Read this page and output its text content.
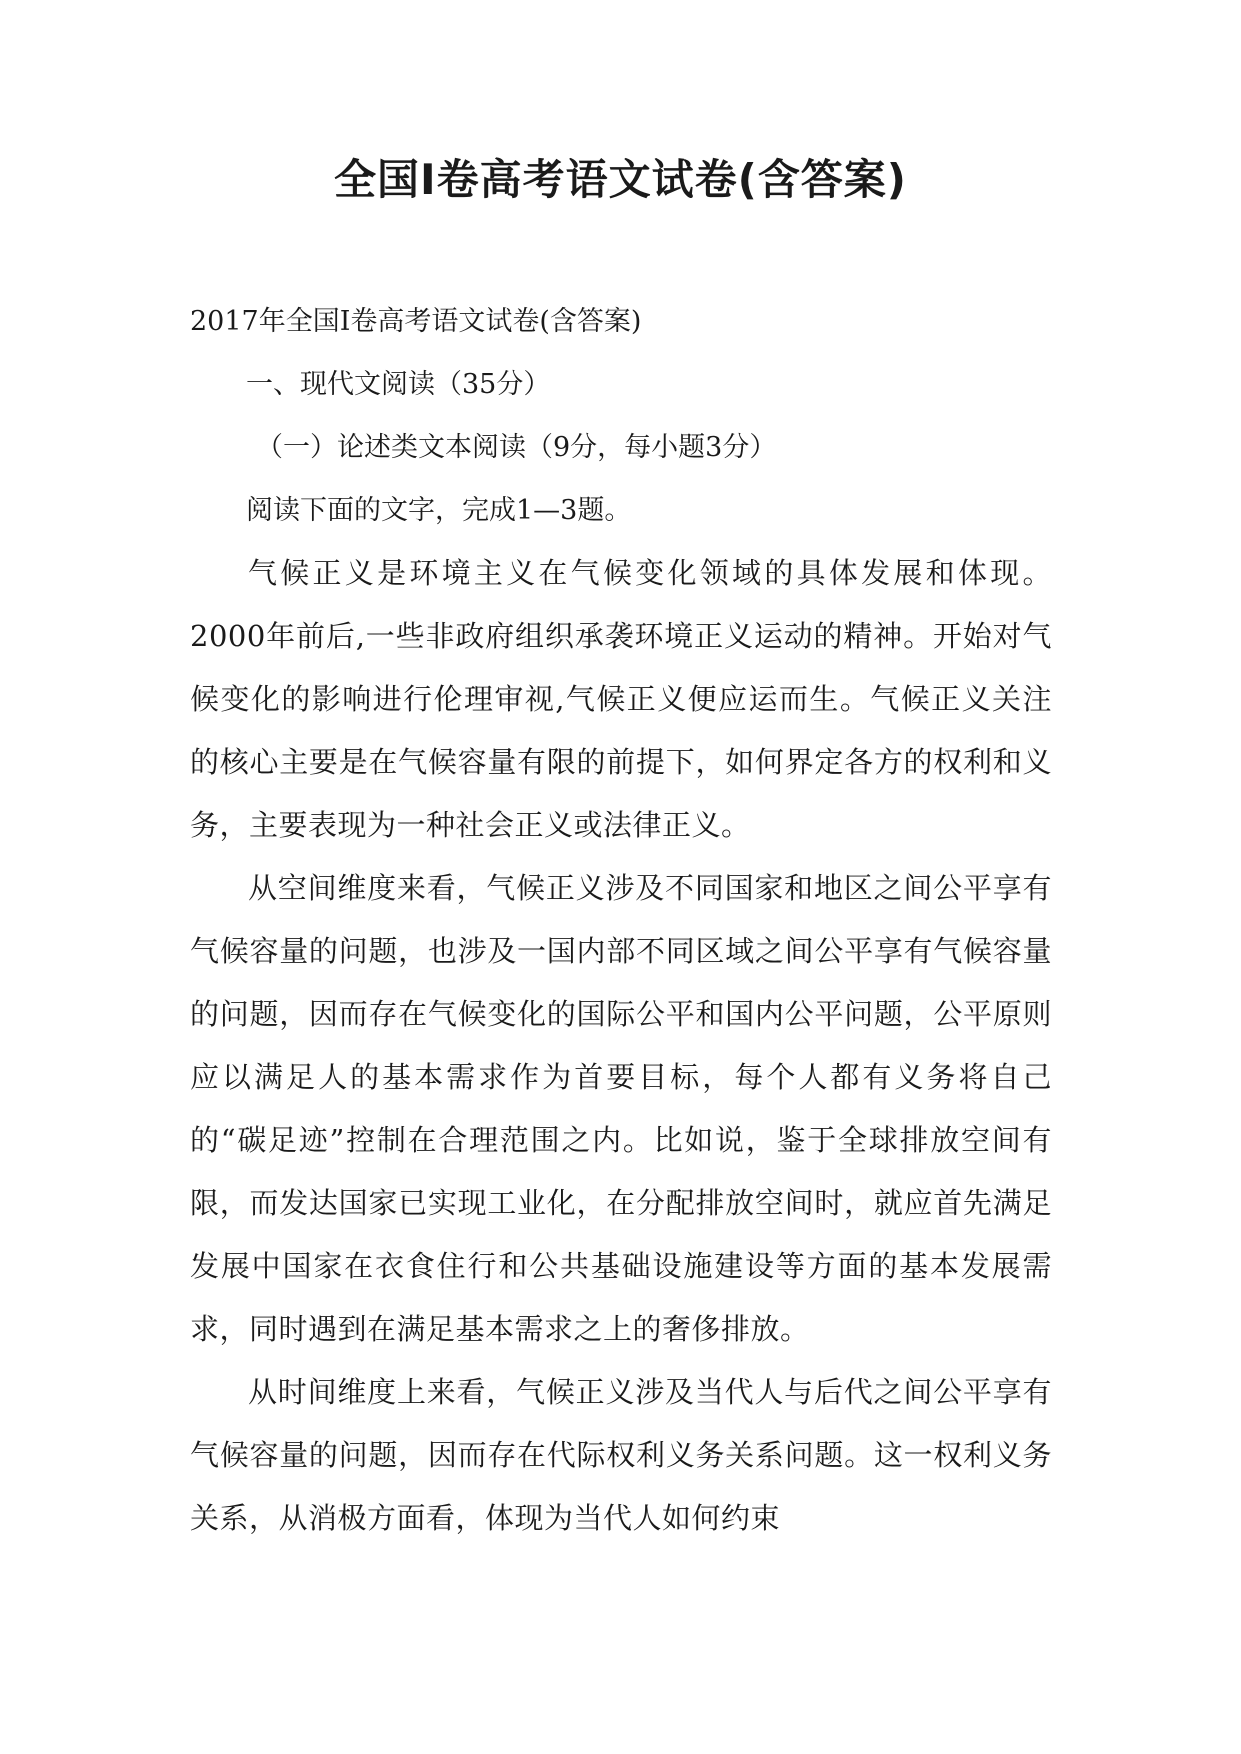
全国Ⅰ卷高考语文试卷(含答案)
2017年全国Ⅰ卷高考语文试卷(含答案)
一、现代文阅读（35分）
（一）论述类文本阅读（9分，每小题3分）
阅读下面的文字，完成1—3题。

气候正义是环境主义在气候变化领域的具体发展和体现。2000年前后,一些非政府组织承袭环境正义运动的精神。开始对气候变化的影响进行伦理审视,气候正义便应运而生。气候正义关注的核心主要是在气候容量有限的前提下，如何界定各方的权利和义务，主要表现为一种社会正义或法律正义。

从空间维度来看，气候正义涉及不同国家和地区之间公平享有气候容量的问题，也涉及一国内部不同区域之间公平享有气候容量的问题，因而存在气候变化的国际公平和国内公平问题，公平原则应以满足人的基本需求作为首要目标，每个人都有义务将自己的“碳足迹”控制在合理范围之内。比如说，鉴于全球排放空间有限，而发达国家已实现工业化，在分配排放空间时，就应首先满足发展中国家在衣食住行和公共基础设施建设等方面的基本发展需求，同时遇到在满足基本需求之上的奢侈排放。

从时间维度上来看，气候正义涉及当代人与后代之间公平享有气候容量的问题，因而存在代际权利义务关系问题。这一权利义务关系，从消极方面看，体现为当代人如何约束
